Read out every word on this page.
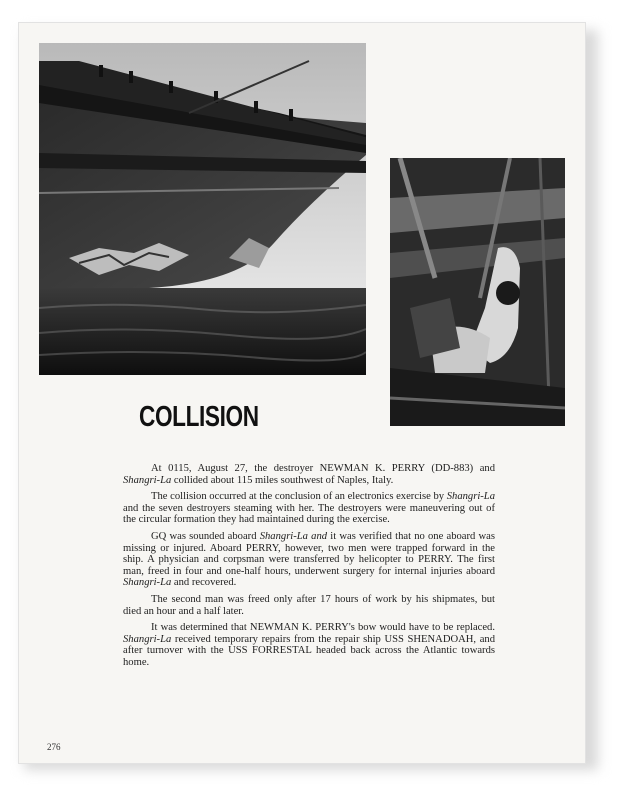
COLLISION

At 0115, August 27, the destroyer NEWMAN K. PERRY (DD-883) and Shangri-La collided about 115 miles southwest of Naples, Italy.

The collision occurred at the conclusion of an electronics exercise by Shangri-La and the seven destroyers steaming with her. The destroyers were maneuvering out of the circular formation they had maintained during the exercise.

GQ was sounded aboard Shangri-La and it was verified that no one aboard was missing or injured. Aboard PERRY, however, two men were trapped forward in the ship. A physician and corpsman were transferred by helicopter to PERRY. The first man, freed in four and one-half hours, underwent surgery for internal injuries aboard Shangri-La and recovered.

The second man was freed only after 17 hours of work by his shipmates, but died an hour and a half later.

It was determined that NEWMAN K. PERRY's bow would have to be replaced. Shangri-La received temporary repairs from the repair ship USS SHENADOAH, and after turnover with the USS FORRESTAL headed back across the Atlantic towards home.

276
